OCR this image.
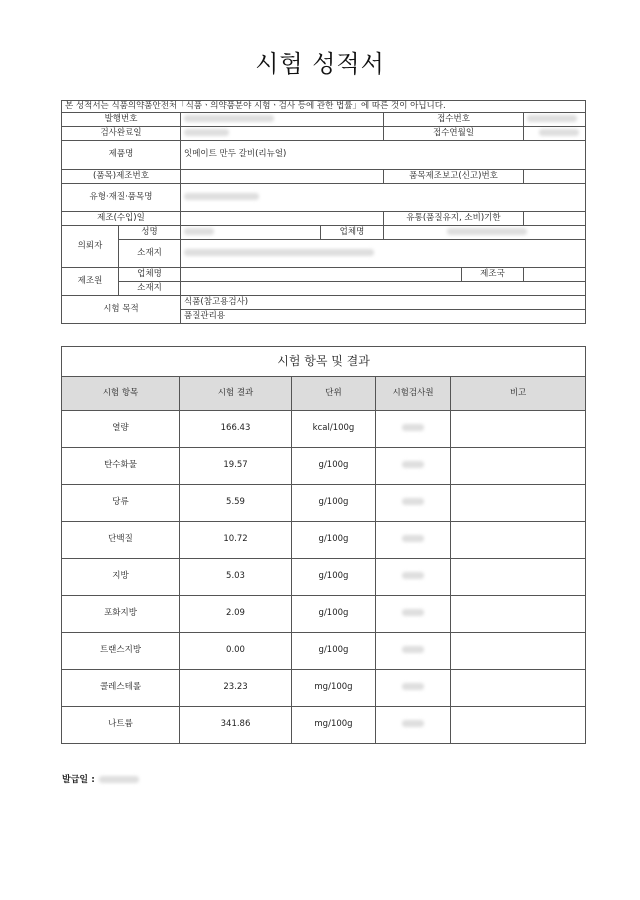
시험 성적서
본 성적서는 식품의약품안전처「식품ㆍ의약품분야 시험ㆍ검사 등에 관한 법률」에 따른 것이 아닙니다.						
발행번호				접수번호		
검사완료일				접수연월일		
제품명		잇메이트 만두 갈비(리뉴얼)				
(품목)제조번호				품목제조보고(신고)번호		
유형·재질·품목명						
제조(수입)일				유통(품질유지, 소비)기한		
의뢰자	성명		업체명			
	소재지					
제조원	업체명				제조국	
	소재지					
시험 목적		식품(참고용검사)				
		품질관리용				
시험 항목 및 결과				
시험 항목	시험 결과	단위	시험검사원	비고
열량	166.43	kcal/100g		
탄수화물	19.57	g/100g		
당류	5.59	g/100g		
단백질	10.72	g/100g		
지방	5.03	g/100g		
포화지방	2.09	g/100g		
트랜스지방	0.00	g/100g		
콜레스테롤	23.23	mg/100g		
나트륨	341.86	mg/100g		
발급일 :
